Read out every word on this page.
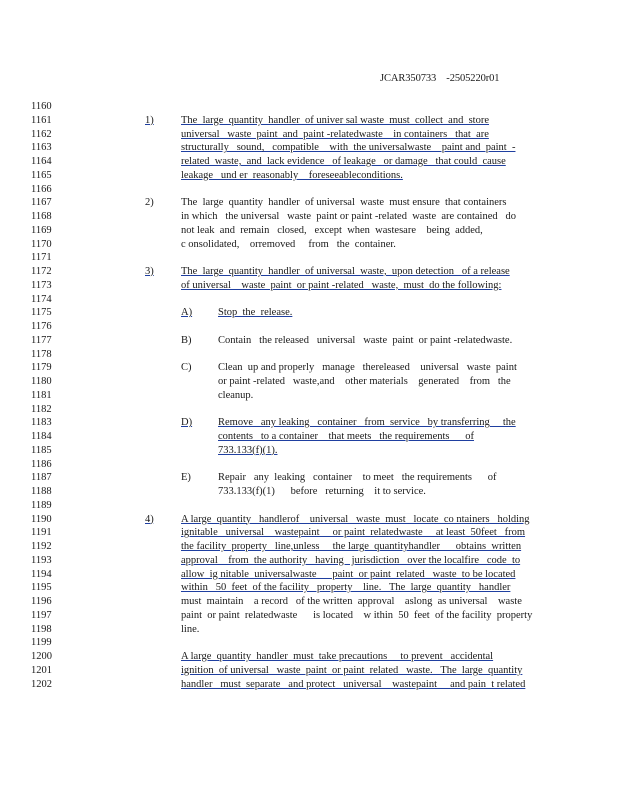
JCAR350733 -2505220r01
1160
1161
1162
1163
1164
1165
1166
1167
1168
1169
1170
1171
1172
1173
1174
1175
1176
1177
1178
1179
1180
1181
1182
1183
1184
1185
1186
1187
1188
1189
1190
1191
1192
1193
1194
1195
1196
1197
1198
1199
1200
1201
1202
1)	The  large  quantity  handler  of univer sal waste  must  collect  and  store
universal   waste  paint  and  paint -relatedwaste    in containers   that  are
structurally   sound,   compatible    with  the universalwaste    paint and  paint  -
related  waste,  and  lack evidence   of leakage   or damage   that could  cause
leakage   und er  reasonably    foreseeableconditions.
2)	The  large  quantity  handler  of universal  waste  must ensure  that containers
in which   the universal   waste  paint or paint -related  waste  are contained   do
not leak  and  remain   closed,   except  when  wastesare    being  added,
c onsolidated,    orremoved     from   the  container.
3)	The  large  quantity  handler  of universal  waste,  upon detection   of a release
of universal    waste  paint  or paint -related   waste,  must  do the following:
A) Stop  the  release.
B)	Contain   the released   universal   waste  paint  or paint -relatedwaste.
C)	Clean  up and properly   manage   thereleased    universal   waste  paint
or paint -related   waste,and    other materials    generated    from   the
cleanup.
D) Remove   any leaking   container   from  service   by transferring     the
contents   to a container    that meets   the requirements      of
733.133(f)(1).
E)	Repair   any  leaking   container    to meet   the requirements      of
733.133(f)(1)      before   returning    it to service.
4)	A large  quantity   handlerof    universal   waste  must   locate  co ntainers   holding
ignitable   universal    wastepaint     or paint  relatedwaste     at least  50feet   from
the facility  property   line,unless     the large  quantityhandler      obtains  written
approval    from  the authority   having   jurisdiction   over the localfire   code  to
allow  ig nitable  universalwaste      paint  or paint  related   waste  to be located
within   50  feet  of the facility   property    line.   The  large  quantity   handler
must  maintain    a record   of the written  approval    aslong  as universal    waste
paint  or paint  relatedwaste      is located    w ithin  50  feet  of the facility  property
line.
A large  quantity  handler  must  take precautions     to prevent   accidental
ignition  of universal   waste  paint  or paint  related   waste.   The  large  quantity
handler   must  separate   and protect   universal    wastepaint     and pain  t related
